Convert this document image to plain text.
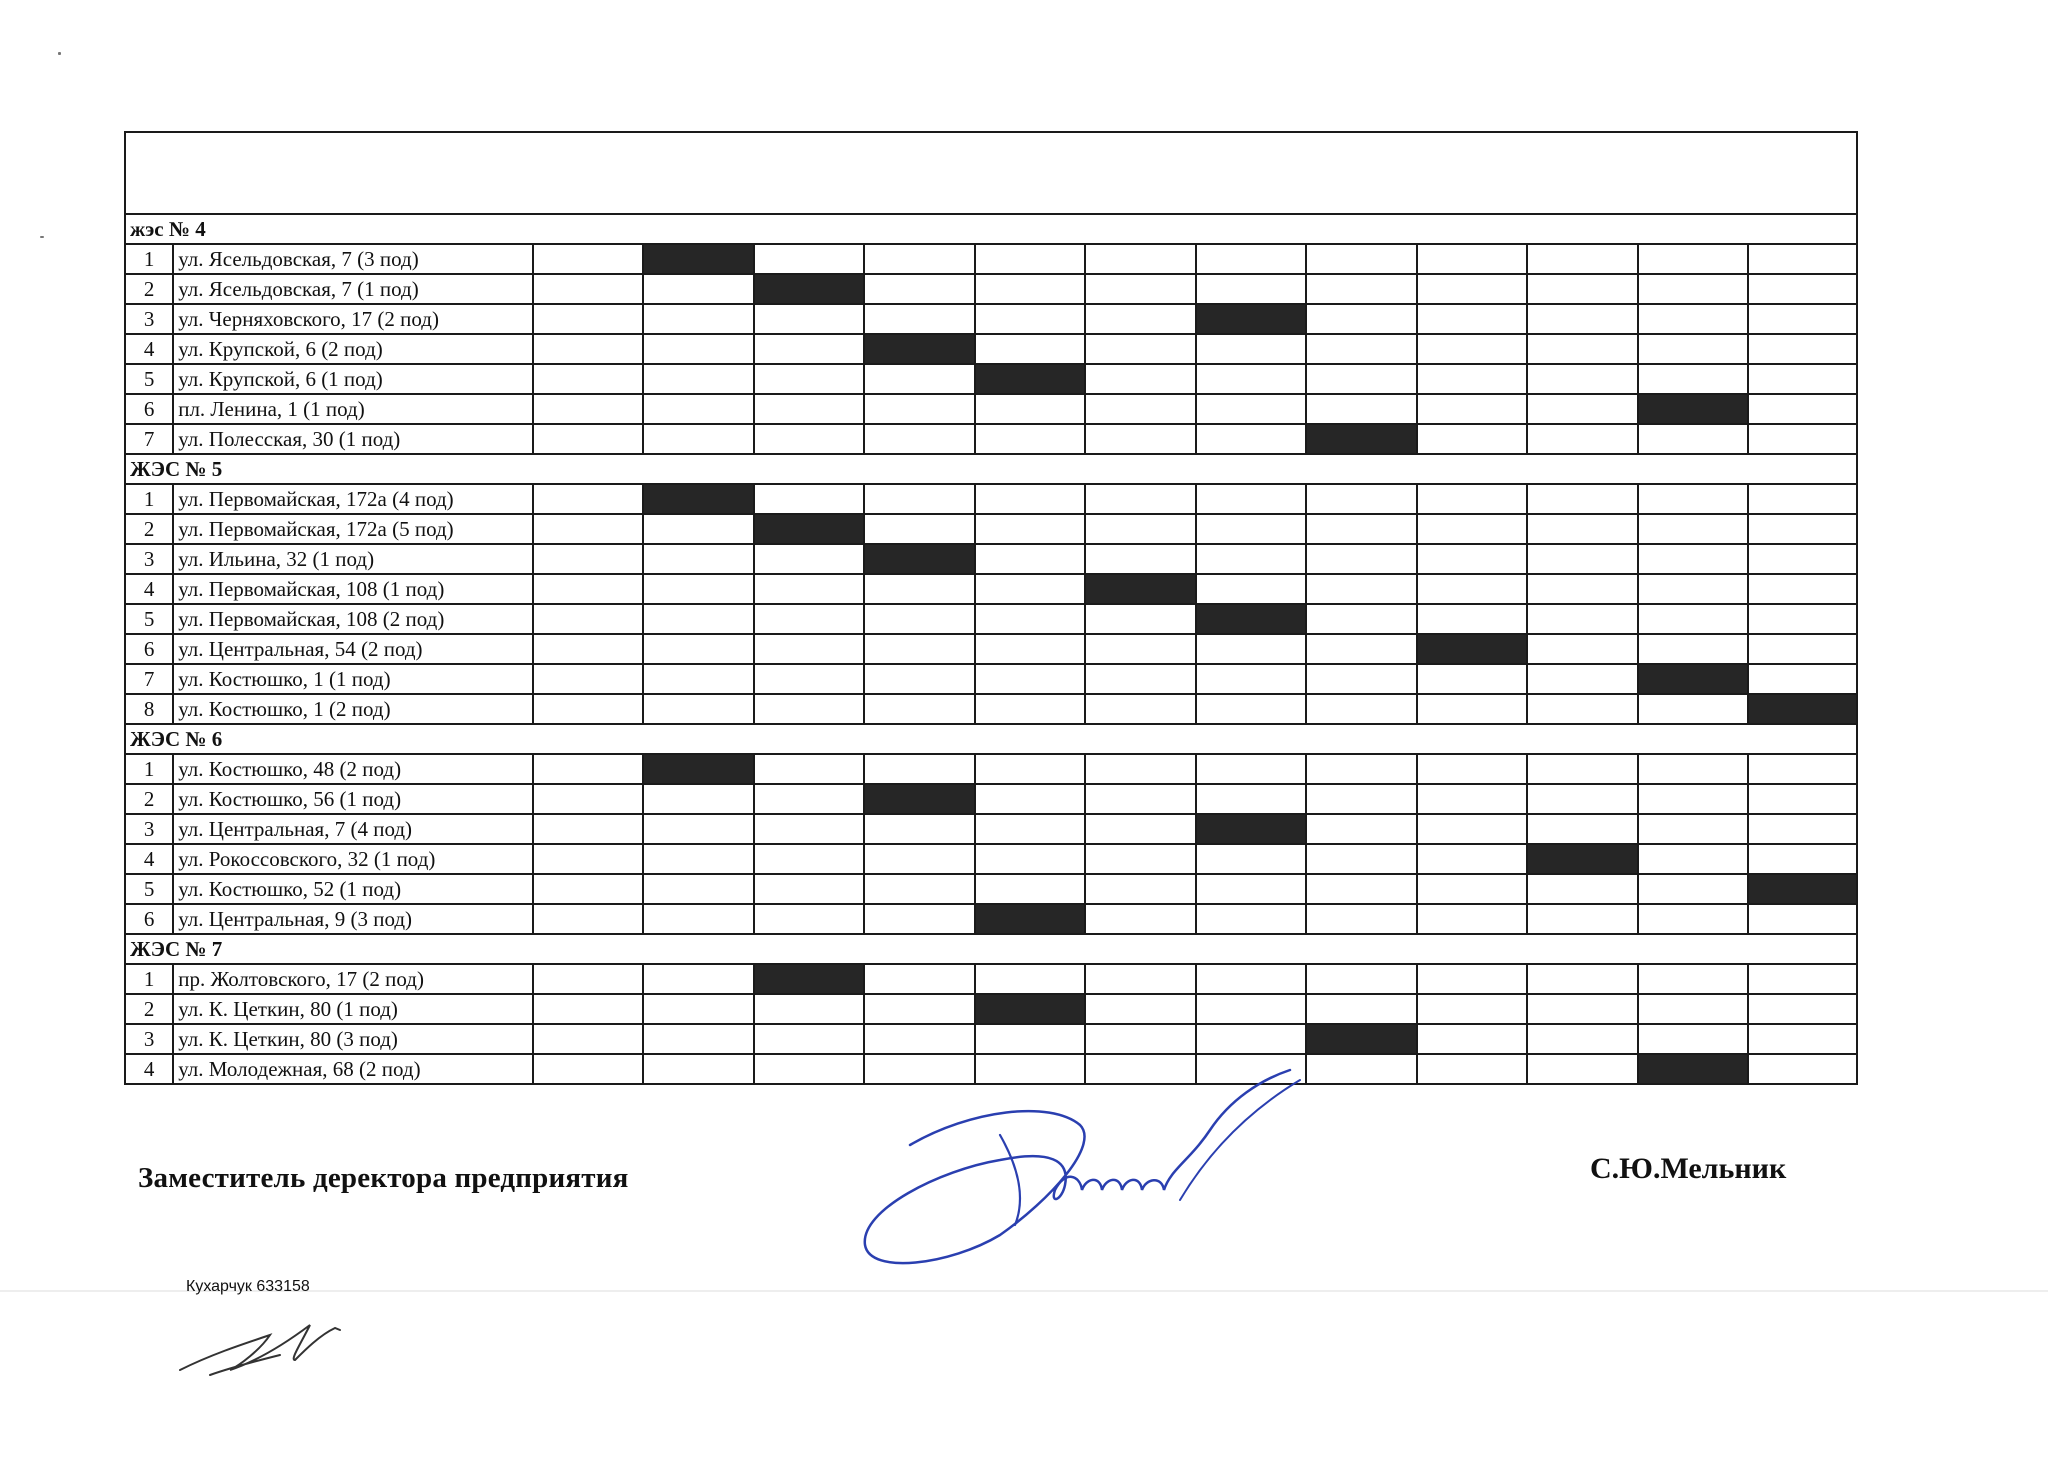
жэс № 4													
1	ул. Ясельдовская, 7 (3 под)												
2	ул. Ясельдовская, 7 (1 под)												
3	ул. Черняховского, 17 (2 под)												
4	ул. Крупской, 6 (2 под)												
5	ул. Крупской, 6 (1 под)												
6	пл. Ленина, 1 (1 под)												
7	ул. Полесская, 30 (1 под)												
ЖЭС № 5													
1	ул. Первомайская, 172а (4 под)												
2	ул. Первомайская, 172а (5 под)												
3	ул. Ильина, 32 (1 под)												
4	ул. Первомайская, 108 (1 под)												
5	ул. Первомайская, 108 (2 под)												
6	ул. Центральная, 54 (2 под)												
7	ул. Костюшко, 1 (1 под)												
8	ул. Костюшко, 1 (2 под)												
ЖЭС № 6													
1	ул. Костюшко, 48 (2 под)												
2	ул. Костюшко, 56 (1 под)												
3	ул. Центральная, 7 (4 под)												
4	ул. Рокоссовского, 32 (1 под)												
5	ул. Костюшко, 52 (1 под)												
6	ул. Центральная, 9 (3 под)												
ЖЭС № 7													
1	пр. Жолтовского, 17 (2 под)												
2	ул. К. Цеткин, 80 (1 под)												
3	ул. К. Цеткин, 80 (3 под)												
4	ул. Молодежная, 68 (2 под)												
Заместитель деректора предприятия	С.Ю.Мельник
Кухарчук 633158
